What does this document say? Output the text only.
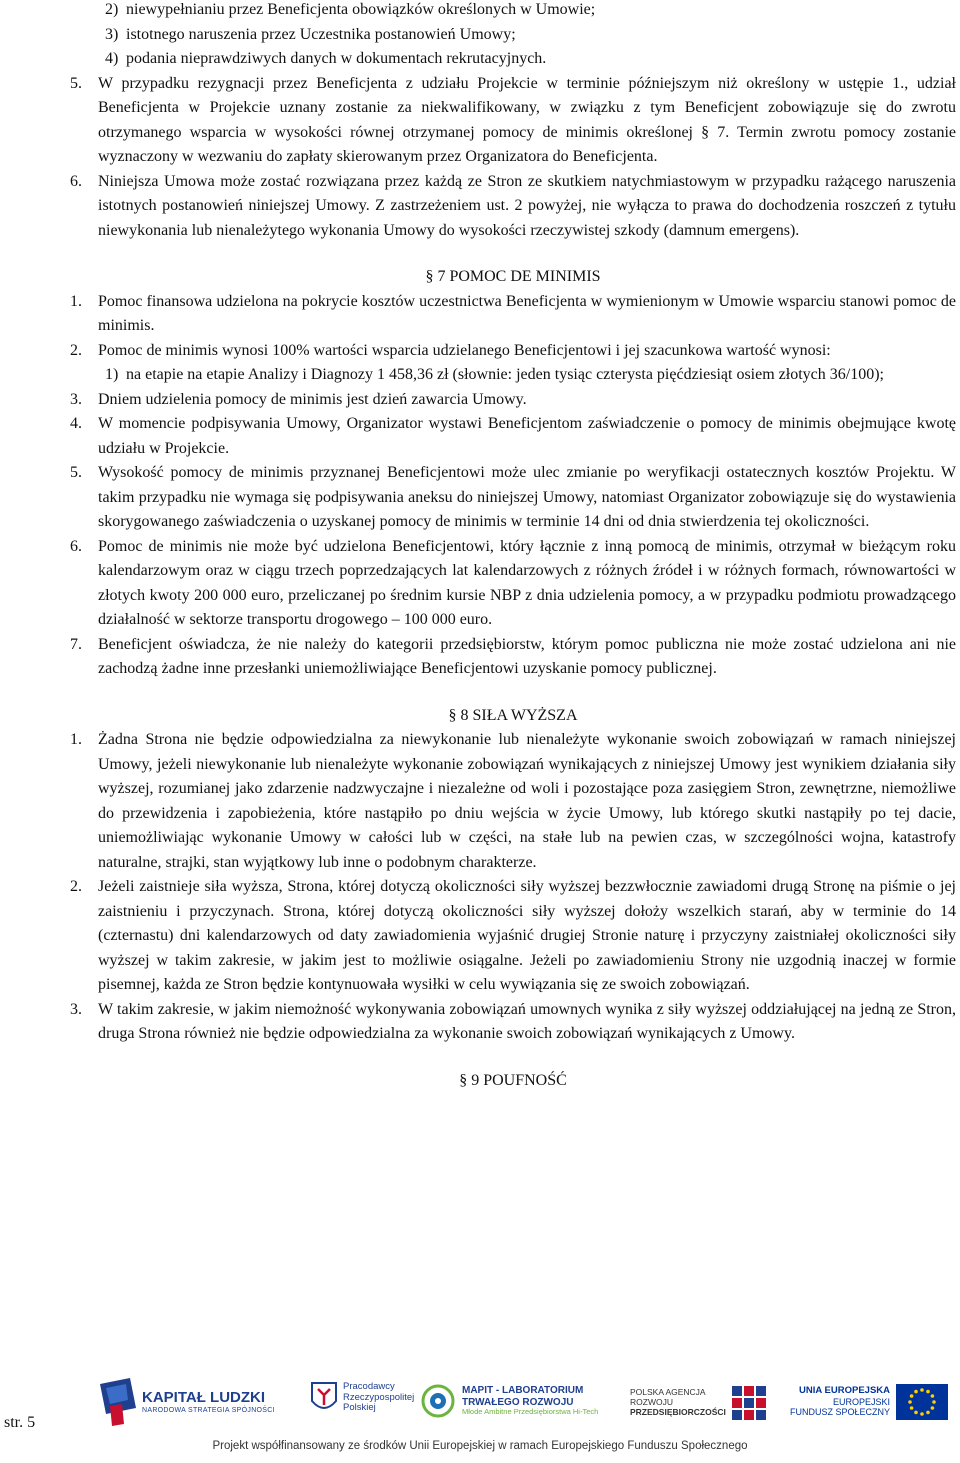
2) niewypełnianiu przez Beneficjenta obowiązków określonych w Umowie;
3) istotnego naruszenia przez Uczestnika postanowień Umowy;
4) podania nieprawdziwych danych w dokumentach rekrutacyjnych.
5.	W przypadku rezygnacji przez Beneficjenta z udziału Projekcie w terminie późniejszym niż określony w ustępie 1., udział Beneficjenta w Projekcie uznany zostanie za niekwalifikowany, w związku z tym Beneficjent zobowiązuje się do zwrotu otrzymanego wsparcia w wysokości równej otrzymanej pomocy de minimis określonej § 7. Termin zwrotu pomocy zostanie wyznaczony w wezwaniu do zapłaty skierowanym przez Organizatora do Beneficjenta.
6.	Niniejsza Umowa może zostać rozwiązana przez każdą ze Stron ze skutkiem natychmiastowym w przypadku rażącego naruszenia istotnych postanowień niniejszej Umowy. Z zastrzeżeniem ust. 2 powyżej, nie wyłącza to prawa do dochodzenia roszczeń z tytułu niewykonania lub nienależytego wykonania Umowy do wysokości rzeczywistej szkody (damnum emergens).

§ 7 POMOC DE MINIMIS

1.	Pomoc finansowa udzielona na pokrycie kosztów uczestnictwa Beneficjenta w wymienionym w Umowie wsparciu stanowi pomoc de minimis.
2.	Pomoc de minimis wynosi 100% wartości wsparcia udzielanego Beneficjentowi i jej szacunkowa wartość wynosi:
1) na etapie na etapie Analizy i Diagnozy 1 458,36 zł (słownie: jeden tysiąc czterysta pięćdziesiąt osiem złotych 36/100);
3.	Dniem udzielenia pomocy de minimis jest dzień zawarcia Umowy.
4.	W momencie podpisywania Umowy, Organizator wystawi Beneficjentom zaświadczenie o pomocy de minimis obejmujące kwotę udziału w Projekcie.
5.	Wysokość pomocy de minimis przyznanej Beneficjentowi może ulec zmianie po weryfikacji ostatecznych kosztów Projektu. W takim przypadku nie wymaga się podpisywania aneksu do niniejszej Umowy, natomiast Organizator zobowiązuje się do wystawienia skorygowanego zaświadczenia o uzyskanej pomocy de minimis w terminie 14 dni od dnia stwierdzenia tej okoliczności.
6.	Pomoc de minimis nie może być udzielona Beneficjentowi, który łącznie z inną pomocą de minimis, otrzymał w bieżącym roku kalendarzowym oraz w ciągu trzech poprzedzających lat kalendarzowych z różnych źródeł i w różnych formach, równowartości w złotych kwoty 200 000 euro, przeliczanej po średnim kursie NBP z dnia udzielenia pomocy, a w przypadku podmiotu prowadzącego działalność w sektorze transportu drogowego – 100 000 euro.
7.	Beneficjent oświadcza, że nie należy do kategorii przedsiębiorstw, którym pomoc publiczna nie może zostać udzielona ani nie zachodzą żadne inne przesłanki uniemożliwiające Beneficjentowi uzyskanie pomocy publicznej.

§ 8 SIŁA WYŻSZA

1.	Żadna Strona nie będzie odpowiedzialna za niewykonanie lub nienależyte wykonanie swoich zobowiązań w ramach niniejszej Umowy, jeżeli niewykonanie lub nienależyte wykonanie zobowiązań wynikających z niniejszej Umowy jest wynikiem działania siły wyższej, rozumianej jako zdarzenie nadzwyczajne i niezależne od woli i pozostające poza zasięgiem Stron, zewnętrzne, niemożliwe do przewidzenia i zapobieżenia, które nastąpiło po dniu wejścia w życie Umowy, lub którego skutki nastąpiły po tej dacie, uniemożliwiając wykonanie Umowy w całości lub w części, na stałe lub na pewien czas, w szczególności wojna, katastrofy naturalne, strajki, stan wyjątkowy lub inne o podobnym charakterze.
2.	Jeżeli zaistnieje siła wyższa, Strona, której dotyczą okoliczności siły wyższej bezzwłocznie zawiadomi drugą Stronę na piśmie o jej zaistnieniu i przyczynach. Strona, której dotyczą okoliczności siły wyższej dołoży wszelkich starań, aby w terminie do 14 (czternastu) dni kalendarzowych od daty zawiadomienia wyjaśnić drugiej Stronie naturę i przyczyny zaistniałej okoliczności siły wyższej w takim zakresie, w jakim jest to możliwie osiągalne. Jeżeli po zawiadomieniu Strony nie uzgodnią inaczej w formie pisemnej, każda ze Stron będzie kontynuowała wysiłki w celu wywiązania się ze swoich zobowiązań.
3.	W takim zakresie, w jakim niemożność wykonywania zobowiązań umownych wynika z siły wyższej oddziałującej na jedną ze Stron, druga Strona również nie będzie odpowiedzialna za wykonanie swoich zobowiązań wynikających z Umowy.

§ 9 POUFNOŚĆ

str. 5
KAPITAŁ LUDZKI
NARODOWA STRATEGIA SPÓJNOŚCI
Pracodawcy
Rzeczypospolitej
Polskiej
MAPIT - LABORATORIUM
TRWAŁEGO ROZWOJU
Młode Ambitne Przedsiębiorstwa Hi-Tech
POLSKA AGENCJA
ROZWOJU
PRZEDSIĘBIORCZOŚCI
UNIA EUROPEJSKA
EUROPEJSKI
FUNDUSZ SPOŁECZNY
Projekt współfinansowany ze środków Unii Europejskiej w ramach Europejskiego Funduszu Społecznego
